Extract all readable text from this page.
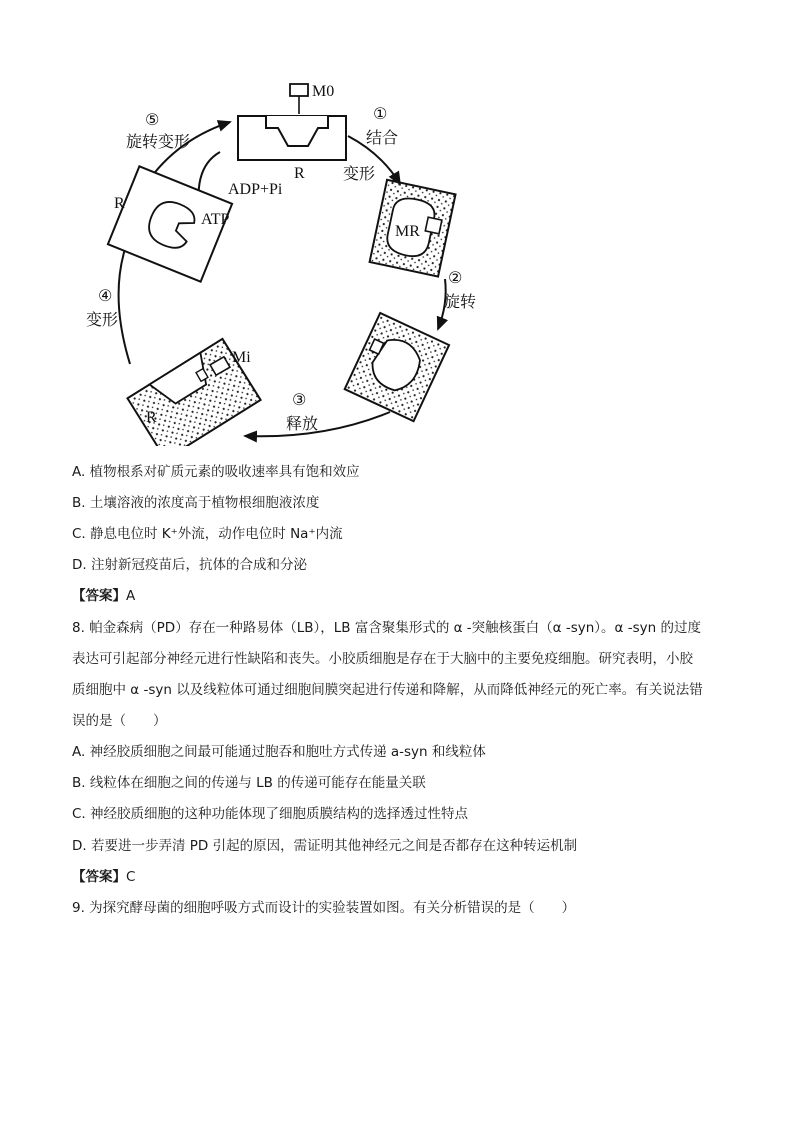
M0
①
结合
变形
R
ADP+Pi
ATP
⑤
旋转变形
R
MR
②
旋转
④
变形
Mi
R
③
释放
A. 植物根系对矿质元素的吸收速率具有饱和效应
B. 土壤溶液的浓度高于植物根细胞液浓度
C. 静息电位时 K⁺外流，动作电位时 Na⁺内流
D. 注射新冠疫苗后，抗体的合成和分泌
【答案】A
8. 帕金森病（PD）存在一种路易体（LB），LB 富含聚集形式的 α -突触核蛋白（α -syn）。α -syn 的过度
表达可引起部分神经元进行性缺陷和丧失。小胶质细胞是存在于大脑中的主要免疫细胞。研究表明，小胶
质细胞中 α -syn 以及线粒体可通过细胞间膜突起进行传递和降解，从而降低神经元的死亡率。有关说法错
误的是（　　）
A. 神经胶质细胞之间最可能通过胞吞和胞吐方式传递 a-syn 和线粒体
B. 线粒体在细胞之间的传递与 LB 的传递可能存在能量关联
C. 神经胶质细胞的这种功能体现了细胞质膜结构的选择透过性特点
D. 若要进一步弄清 PD 引起的原因，需证明其他神经元之间是否都存在这种转运机制
【答案】C
9. 为探究酵母菌的细胞呼吸方式而设计的实验装置如图。有关分析错误的是（　　）
